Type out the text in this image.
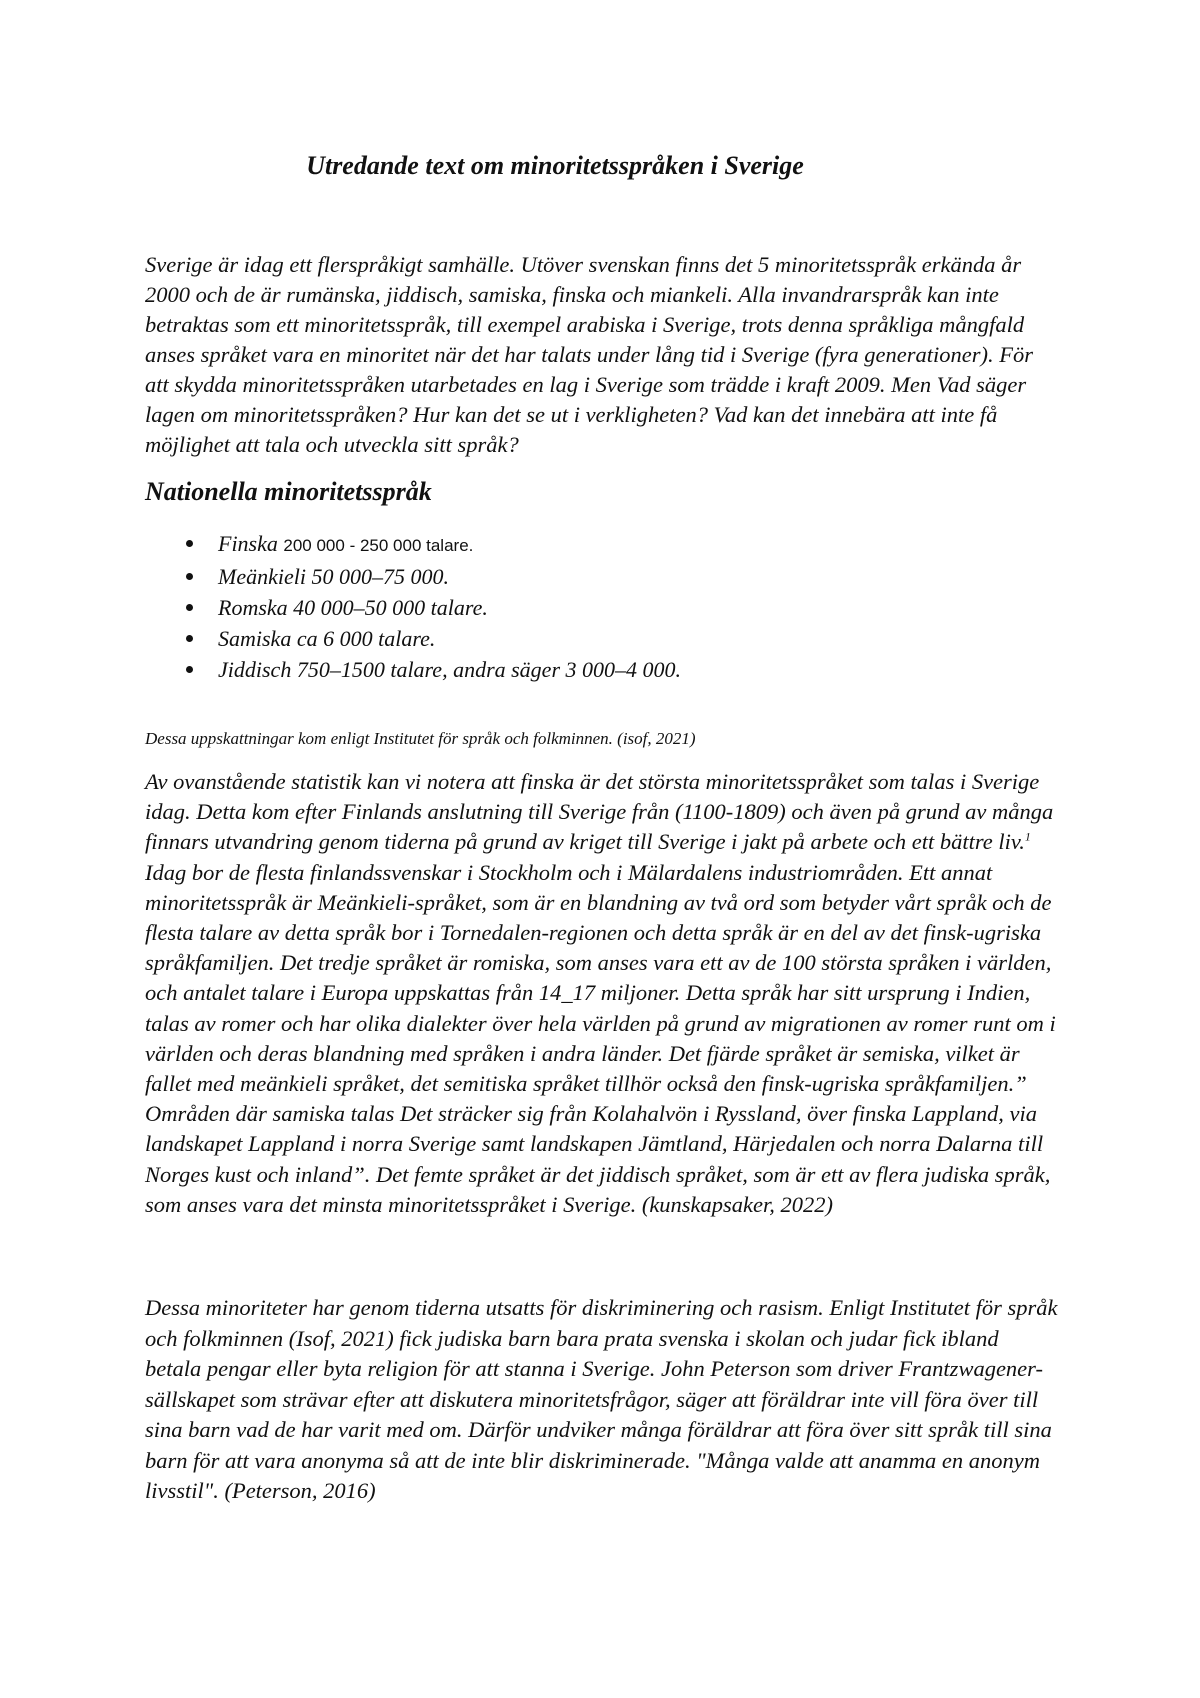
Utredande text om minoritetsspråken i Sverige

Sverige är idag ett flerspråkigt samhälle. Utöver svenskan finns det 5 minoritetsspråk erkända år 2000 och de är rumänska, jiddisch, samiska, finska och miankeli. Alla invandrarspråk kan inte betraktas som ett minoritetsspråk, till exempel arabiska i Sverige, trots denna språkliga mångfald anses språket vara en minoritet när det har talats under lång tid i Sverige (fyra generationer). För att skydda minoritetsspråken utarbetades en lag i Sverige som trädde i kraft 2009. Men Vad säger lagen om minoritetsspråken? Hur kan det se ut i verkligheten? Vad kan det innebära att inte få möjlighet att tala och utveckla sitt språk?

Nationella minoritetsspråk
Finska 200 000 - 250 000 talare.
Meänkieli 50 000–75 000.
Romska 40 000–50 000 talare.
Samiska ca 6 000 talare.
Jiddisch 750–1500 talare, andra säger 3 000–4 000.

Dessa uppskattningar kom enligt Institutet för språk och folkminnen. (isof, 2021)

Av ovanstående statistik kan vi notera att finska är det största minoritetsspråket som talas i Sverige idag. Detta kom efter Finlands anslutning till Sverige från (1100-1809) och även på grund av många finnars utvandring genom tiderna på grund av kriget till Sverige i jakt på arbete och ett bättre liv.$^1$ Idag bor de flesta finlandssvenskar i Stockholm och i Mälardalens industriområden. Ett annat minoritetsspråk är Meänkieli-språket, som är en blandning av två ord som betyder vårt språk och de flesta talare av detta språk bor i Tornedalen-regionen och detta språk är en del av det finsk-ugriska språkfamiljen. Det tredje språket är romiska, som anses vara ett av de 100 största språken i världen, och antalet talare i Europa uppskattas från 14_17 miljoner. Detta språk har sitt ursprung i Indien, talas av romer och har olika dialekter över hela världen på grund av migrationen av romer runt om i världen och deras blandning med språken i andra länder. Det fjärde språket är semiska, vilket är fallet med meänkieli språket, det semitiska språket tillhör också den finsk-ugriska språkfamiljen.” Områden där samiska talas Det sträcker sig från Kolahalvön i Ryssland, över finska Lappland, via landskapet Lappland i norra Sverige samt landskapen Jämtland, Härjedalen och norra Dalarna till Norges kust och inland”. Det femte språket är det jiddisch språket, som är ett av flera judiska språk, som anses vara det minsta minoritetsspråket i Sverige. (kunskapsaker, 2022)

Dessa minoriteter har genom tiderna utsatts för diskriminering och rasism. Enligt Institutet för språk och folkminnen (Isof, 2021) fick judiska barn bara prata svenska i skolan och judar fick ibland betala pengar eller byta religion för att stanna i Sverige. John Peterson som driver Frantzwagener- sällskapet som strävar efter att diskutera minoritetsfrågor, säger att föräldrar inte vill föra över till sina barn vad de har varit med om. Därför undviker många föräldrar att föra över sitt språk till sina barn för att vara anonyma så att de inte blir diskriminerade. "Många valde att anamma en anonym livsstil". (Peterson, 2016)
